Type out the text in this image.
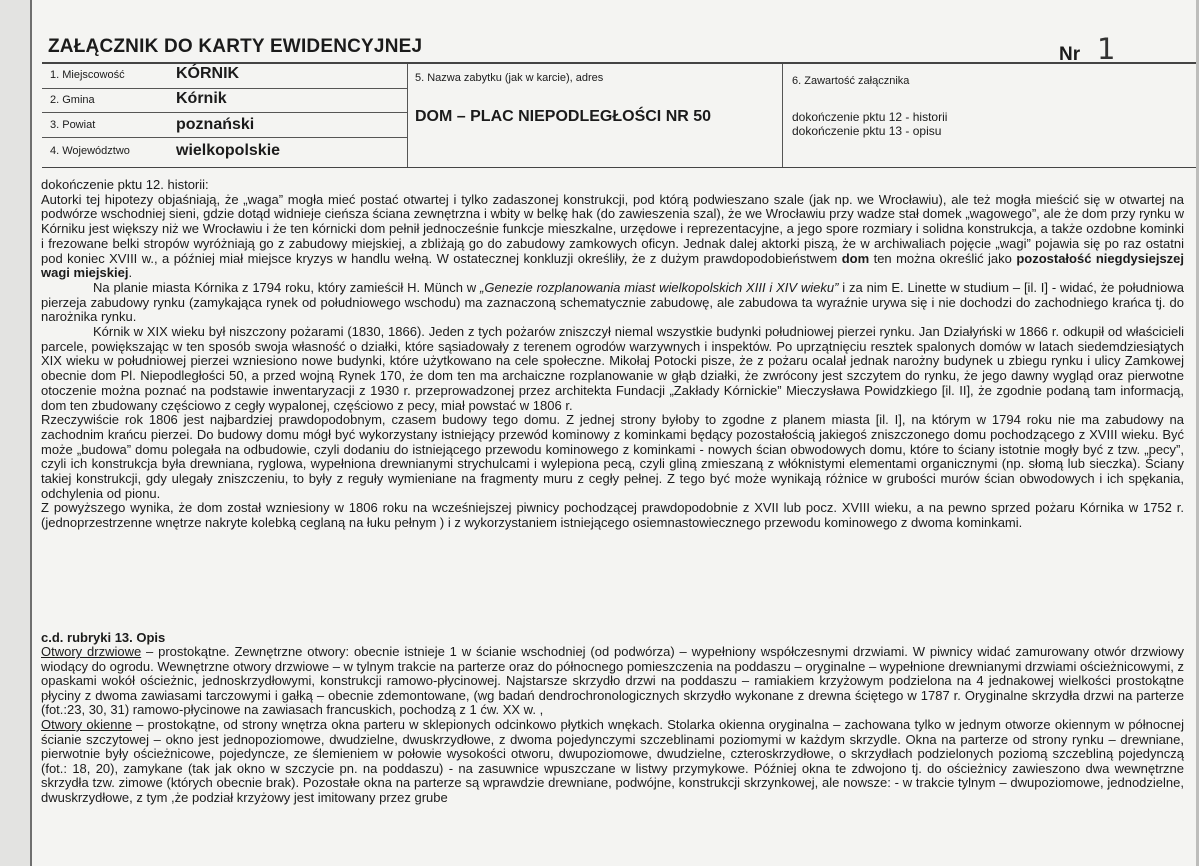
ZAŁĄCZNIK DO KARTY EWIDENCYJNEJ	Nr 1
1. Miejscowość	KÓRNIK
2. Gmina	Kórnik
3. Powiat	poznański
4. Województwo	wielkopolskie
5. Nazwa zabytku (jak w karcie), adres
DOM – PLAC NIEPODLEGŁOŚCI NR 50
6. Zawartość załącznika
dokończenie pktu 12 - historii
dokończenie pktu 13 - opisu

dokończenie pktu 12. historii:

Autorki tej hipotezy objaśniają, że „waga” mogła mieć postać otwartej i tylko zadaszonej konstrukcji, pod którą podwieszano szale (jak np. we Wrocławiu), ale też mogła mieścić się w otwartej na podwórze wschodniej sieni, gdzie dotąd widnieje cieńsza ściana zewnętrzna i wbity w belkę hak (do zawieszenia szal), że we Wrocławiu przy wadze stał domek „wagowego”, ale że dom przy rynku w Kórniku jest większy niż we Wrocławiu i że ten kórnicki dom pełnił jednocześnie funkcje mieszkalne, urzędowe i reprezentacyjne, a jego spore rozmiary i solidna konstrukcja, a także ozdobne kominki i frezowane belki stropów wyróżniają go z zabudowy miejskiej, a zbliżają go do zabudowy zamkowych oficyn. Jednak dalej aktorki piszą, że w archiwaliach pojęcie „wagi” pojawia się po raz ostatni pod koniec XVIII w., a później miał miejsce kryzys w handlu wełną. W ostatecznej konkluzji określiły, że z dużym prawdopodobieństwem dom ten można określić jako pozostałość niegdysiejszej wagi miejskiej.

Na planie miasta Kórnika z 1794 roku, który zamieścił H. Münch w „Genezie rozplanowania miast wielkopolskich XIII i XIV wieku” i za nim E. Linette w studium – [il. I] - widać, że południowa pierzeja zabudowy rynku (zamykająca rynek od południowego wschodu) ma zaznaczoną schematycznie zabudowę, ale zabudowa ta wyraźnie urywa się i nie dochodzi do zachodniego krańca tj. do narożnika rynku.

Kórnik w XIX wieku był niszczony pożarami (1830, 1866). Jeden z tych pożarów zniszczył niemal wszystkie budynki południowej pierzei rynku. Jan Działyński w 1866 r. odkupił od właścicieli parcele, powiększając w ten sposób swoja własność o działki, które sąsiadowały z terenem ogrodów warzywnych i inspektów. Po uprzątnięciu resztek spalonych domów w latach siedemdziesiątych XIX wieku w południowej pierzei wzniesiono nowe budynki, które użytkowano na cele społeczne. Mikołaj Potocki pisze, że z pożaru ocalał jednak narożny budynek u zbiegu rynku i ulicy Zamkowej obecnie dom Pl. Niepodległości 50, a przed wojną Rynek 170, że dom ten ma archaiczne rozplanowanie w głąb działki, że zwrócony jest szczytem do rynku, że jego dawny wygląd oraz pierwotne otoczenie można poznać na podstawie inwentaryzacji z 1930 r. przeprowadzonej przez architekta Fundacji „Zakłady Kórnickie” Mieczysława Powidzkiego [il. II], że zgodnie podaną tam informacją, dom ten zbudowany częściowo z cegły wypalonej, częściowo z pecy, miał powstać w 1806 r.

Rzeczywiście rok 1806 jest najbardziej prawdopodobnym, czasem budowy tego domu. Z jednej strony byłoby to zgodne z planem miasta [il. I], na którym w 1794 roku nie ma zabudowy na zachodnim krańcu pierzei. Do budowy domu mógł być wykorzystany istniejący przewód kominowy z kominkami będący pozostałością jakiegoś zniszczonego domu pochodzącego z XVIII wieku. Być może „budowa” domu polegała na odbudowie, czyli dodaniu do istniejącego przewodu kominowego z kominkami - nowych ścian obwodowych domu, które to ściany istotnie mogły być z tzw. „pecy”, czyli ich konstrukcja była drewniana, ryglowa, wypełniona drewnianymi strychulcami i wylepiona pecą, czyli gliną zmieszaną z włóknistymi elementami organicznymi (np. słomą lub sieczka). Ściany takiej konstrukcji, gdy ulegały zniszczeniu, to były z reguły wymieniane na fragmenty muru z cegły pełnej. Z tego być może wynikają różnice w grubości murów ścian obwodowych i ich spękania, odchylenia od pionu.

Z powyższego wynika, że dom został wzniesiony w 1806 roku na wcześniejszej piwnicy pochodzącej prawdopodobnie z XVII lub pocz. XVIII wieku, a na pewno sprzed pożaru Kórnika w 1752 r. (jednoprzestrzenne wnętrze nakryte kolebką ceglaną na łuku pełnym ) i z wykorzystaniem istniejącego osiemnastowiecznego przewodu kominowego z dwoma kominkami.

c.d. rubryki 13. Opis

Otwory drzwiowe – prostokątne. Zewnętrzne otwory: obecnie istnieje 1 w ścianie wschodniej (od podwórza) – wypełniony współczesnymi drzwiami. W piwnicy widać zamurowany otwór drzwiowy wiodący do ogrodu. Wewnętrzne otwory drzwiowe – w tylnym trakcie na parterze oraz do północnego pomieszczenia na poddaszu – oryginalne – wypełnione drewnianymi drzwiami ościeżnicowymi, z opaskami wokół ościeżnic, jednoskrzydłowymi, konstrukcji ramowo-płycinowej. Najstarsze skrzydło drzwi na poddaszu – ramiakiem krzyżowym podzielona na 4 jednakowej wielkości prostokątne płyciny z dwoma zawiasami tarczowymi i gałką – obecnie zdemontowane, (wg badań dendrochronologicznych skrzydło wykonane z drewna ściętego w 1787 r. Oryginalne skrzydła drzwi na parterze (fot.:23, 30, 31) ramowo-płycinowe na zawiasach francuskich, pochodzą z 1 ćw. XX w. ,

Otwory okienne – prostokątne, od strony wnętrza okna parteru w sklepionych odcinkowo płytkich wnękach. Stolarka okienna oryginalna – zachowana tylko w jednym otworze okiennym w północnej ścianie szczytowej – okno jest jednopoziomowe, dwudzielne, dwuskrzydłowe, z dwoma pojedynczymi szczeblinami poziomymi w każdym skrzydle. Okna na parterze od strony rynku – drewniane, pierwotnie były ościeżnicowe, pojedyncze, ze ślemieniem w połowie wysokości otworu, dwupoziomowe, dwudzielne, czteroskrzydłowe, o skrzydłach podzielonych poziomą szczebliną pojedynczą (fot.: 18, 20), zamykane (tak jak okno w szczycie pn. na poddaszu) - na zasuwnice wpuszczane w listwy przymykowe. Później okna te zdwojono tj. do ościeżnicy zawieszono dwa wewnętrzne skrzydła tzw. zimowe (których obecnie brak). Pozostałe okna na parterze są wprawdzie drewniane, podwójne, konstrukcji skrzynkowej, ale nowsze: - w trakcie tylnym – dwupoziomowe, jednodzielne, dwuskrzydłowe, z tym ,że podział krzyżowy jest imitowany przez grube
